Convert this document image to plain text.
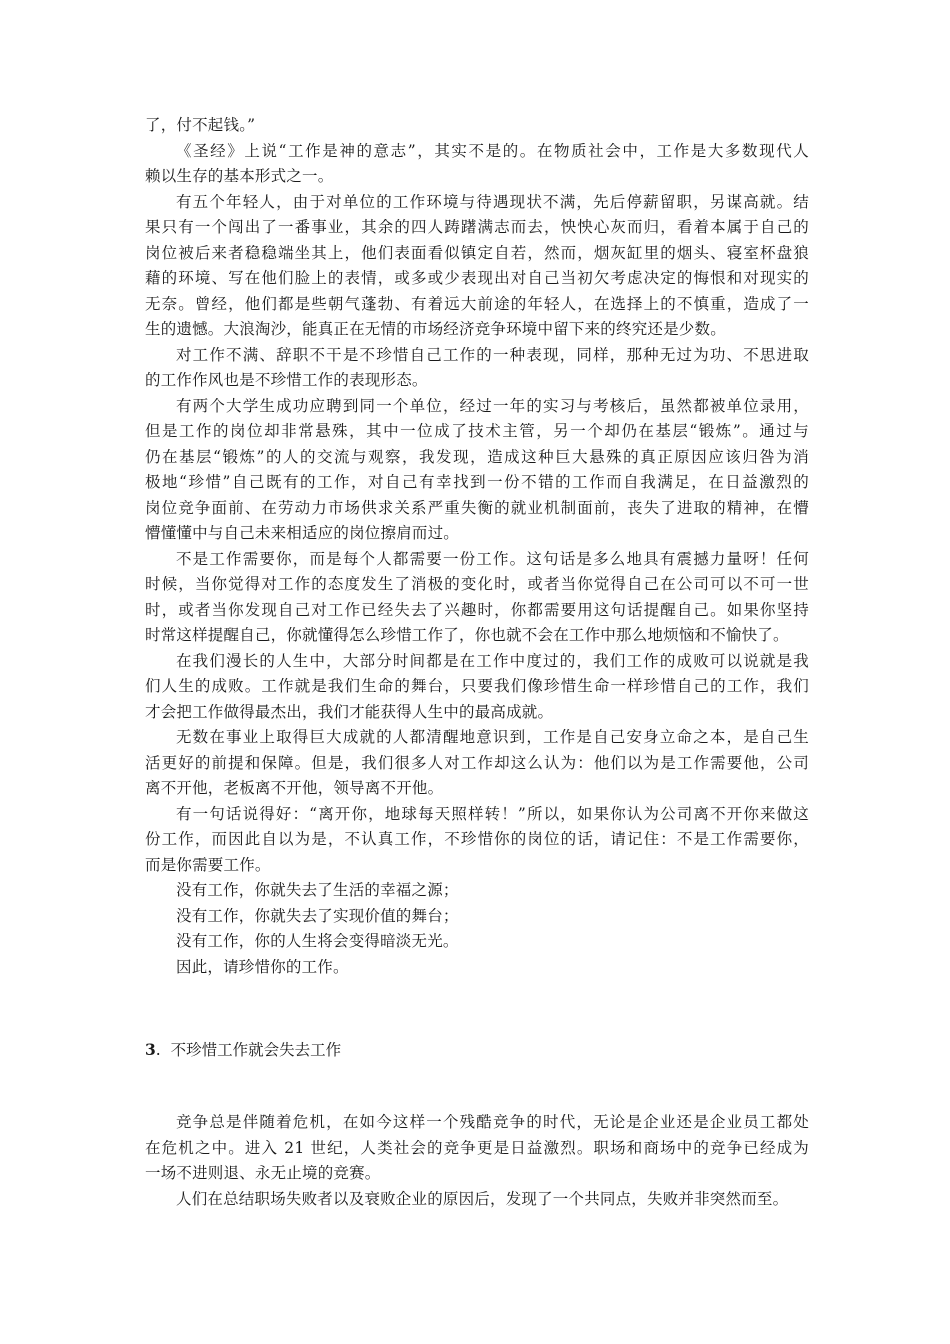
了，付不起钱。”
《圣经》上说“工作是神的意志”，其实不是的。在物质社会中，工作是大多数现代人
赖以生存的基本形式之一。
有五个年轻人，由于对单位的工作环境与待遇现状不满，先后停薪留职，另谋高就。结
果只有一个闯出了一番事业，其余的四人踌躇满志而去，怏怏心灰而归，看着本属于自己的
岗位被后来者稳稳端坐其上，他们表面看似镇定自若，然而，烟灰缸里的烟头、寝室杯盘狼
藉的环境、写在他们脸上的表情，或多或少表现出对自己当初欠考虑决定的悔恨和对现实的
无奈。曾经，他们都是些朝气蓬勃、有着远大前途的年轻人，在选择上的不慎重，造成了一
生的遗憾。大浪淘沙，能真正在无情的市场经济竞争环境中留下来的终究还是少数。
对工作不满、辞职不干是不珍惜自己工作的一种表现，同样，那种无过为功、不思进取
的工作作风也是不珍惜工作的表现形态。
有两个大学生成功应聘到同一个单位，经过一年的实习与考核后，虽然都被单位录用，
但是工作的岗位却非常悬殊，其中一位成了技术主管，另一个却仍在基层“锻炼”。通过与
仍在基层“锻炼”的人的交流与观察，我发现，造成这种巨大悬殊的真正原因应该归咎为消
极地“珍惜”自己既有的工作，对自己有幸找到一份不错的工作而自我满足，在日益激烈的
岗位竞争面前、在劳动力市场供求关系严重失衡的就业机制面前，丧失了进取的精神，在懵
懵懂懂中与自己未来相适应的岗位擦肩而过。
不是工作需要你，而是每个人都需要一份工作。这句话是多么地具有震撼力量呀！任何
时候，当你觉得对工作的态度发生了消极的变化时，或者当你觉得自己在公司可以不可一世
时，或者当你发现自己对工作已经失去了兴趣时，你都需要用这句话提醒自己。如果你坚持
时常这样提醒自己，你就懂得怎么珍惜工作了，你也就不会在工作中那么地烦恼和不愉快了。
在我们漫长的人生中，大部分时间都是在工作中度过的，我们工作的成败可以说就是我
们人生的成败。工作就是我们生命的舞台，只要我们像珍惜生命一样珍惜自己的工作，我们
才会把工作做得最杰出，我们才能获得人生中的最高成就。
无数在事业上取得巨大成就的人都清醒地意识到，工作是自己安身立命之本，是自己生
活更好的前提和保障。但是，我们很多人对工作却这么认为：他们以为是工作需要他，公司
离不开他，老板离不开他，领导离不开他。
有一句话说得好：“离开你，地球每天照样转！”所以，如果你认为公司离不开你来做这
份工作，而因此自以为是，不认真工作，不珍惜你的岗位的话，请记住：不是工作需要你，
而是你需要工作。
没有工作，你就失去了生活的幸福之源；
没有工作，你就失去了实现价值的舞台；
没有工作，你的人生将会变得暗淡无光。
因此，请珍惜你的工作。
3. 不珍惜工作就会失去工作
竞争总是伴随着危机，在如今这样一个残酷竞争的时代，无论是企业还是企业员工都处
在危机之中。进入 21 世纪，人类社会的竞争更是日益激烈。职场和商场中的竞争已经成为
一场不进则退、永无止境的竞赛。
人们在总结职场失败者以及衰败企业的原因后，发现了一个共同点，失败并非突然而至。
